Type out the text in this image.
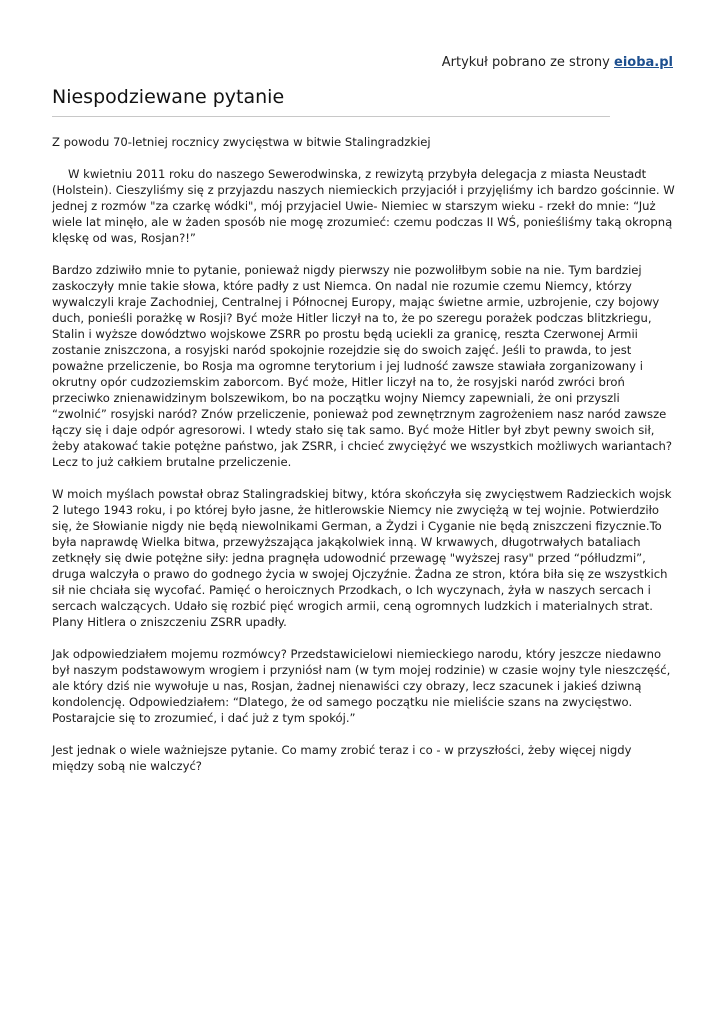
Artykuł pobrano ze strony eioba.pl
Niespodziewane pytanie

Z powodu 70-letniej rocznicy zwycięstwa w bitwie Stalingradzkiej

W kwietniu 2011 roku do naszego Sewerodwinska, z rewizytą przybyła delegacja z miasta Neustadt (Holstein). Cieszyliśmy się z przyjazdu naszych niemieckich przyjaciół i przyjęliśmy ich bardzo gościnnie. W jednej z rozmów "za czarkę wódki", mój przyjaciel Uwie- Niemiec w starszym wieku - rzekł do mnie: “Już wiele lat minęło, ale w żaden sposób nie mogę zrozumieć: czemu podczas II WŚ, ponieśliśmy taką okropną klęskę od was, Rosjan?!”

Bardzo zdziwiło mnie to pytanie, ponieważ nigdy pierwszy nie pozwoliłbym sobie na nie. Tym bardziej zaskoczyły mnie takie słowa, które padły z ust Niemca. On nadal nie rozumie czemu Niemcy, którzy wywalczyli kraje Zachodniej, Centralnej i Północnej Europy, mając świetne armie, uzbrojenie, czy bojowy duch, ponieśli porażkę w Rosji? Być może Hitler liczył na to, że po szeregu porażek podczas blitzkriegu, Stalin i wyższe dowództwo wojskowe ZSRR po prostu będą uciekli za granicę, reszta Czerwonej Armii zostanie zniszczona, a rosyjski naród spokojnie rozejdzie się do swoich zajęć. Jeśli to prawda, to jest poważne przeliczenie, bo Rosja ma ogromne terytorium i jej ludność zawsze stawiała zorganizowany i okrutny opór cudzoziemskim zaborcom. Być może, Hitler liczył na to, że rosyjski naród zwróci broń przeciwko znienawidzinym bolszewikom, bo na początku wojny Niemcy zapewniali, że oni przyszli “zwolnić” rosyjski naród? Znów przeliczenie, ponieważ pod zewnętrznym zagrożeniem nasz naród zawsze łączy się i daje odpór agresorowi. I wtedy stało się tak samo. Być może Hitler był zbyt pewny swoich sił, żeby atakować takie potężne państwo, jak ZSRR, i chcieć zwyciężyć we wszystkich możliwych wariantach? Lecz to już całkiem brutalne przeliczenie.

W moich myślach powstał obraz Stalingradskiej bitwy, która skończyła się zwycięstwem Radzieckich wojsk 2 lutego 1943 roku, i po której było jasne, że hitlerowskie Niemcy nie zwyciężą w tej wojnie. Potwierdziło się, że Słowianie nigdy nie będą niewolnikami German, a Żydzi i Cyganie nie będą zniszczeni fizycznie.To była naprawdę Wielka bitwa, przewyższająca jakąkolwiek inną. W krwawych, długotrwałych bataliach zetknęły się dwie potężne siły: jedna pragnęła udowodnić przewagę "wyższej rasy" przed “półludzmi”, druga walczyła o prawo do godnego życia w swojej Ojczyźnie. Żadna ze stron, która biła się ze wszystkich sił nie chciała się wycofać. Pamięć o heroicznych Przodkach, o Ich wyczynach, żyła w naszych sercach i sercach walczących. Udało się rozbić pięć wrogich armii, ceną ogromnych ludzkich i materialnych strat. Plany Hitlera o zniszczeniu ZSRR upadły.

Jak odpowiedziałem mojemu rozmówcy? Przedstawicielowi niemieckiego narodu, który jeszcze niedawno był naszym podstawowym wrogiem i przyniósł nam (w tym mojej rodzinie) w czasie wojny tyle nieszczęść, ale który dziś nie wywołuje u nas, Rosjan, żadnej nienawiści czy obrazy, lecz szacunek i jakieś dziwną kondolencję. Odpowiedziałem: “Dlatego, że od samego początku nie mieliście szans na zwycięstwo. Postarajcie się to zrozumieć, i dać już z tym spokój.”

Jest jednak o wiele ważniejsze pytanie. Co mamy zrobić teraz i co - w przyszłości, żeby więcej nigdy między sobą nie walczyć?
